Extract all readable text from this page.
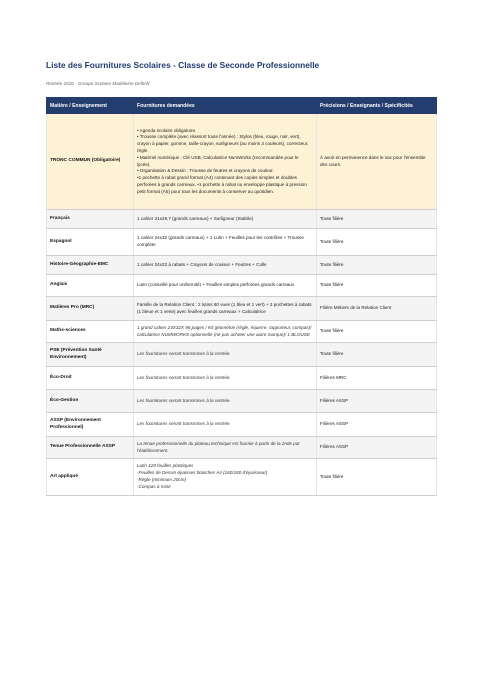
Liste des Fournitures Scolaires - Classe de Seconde Professionnelle
Rentrée 2026 - Groupe Scolaire Madeleine Delbrêl
Matière / Enseignement	Fournitures demandées	Précisions / Enseignants / Spécificités
TRONC COMMUN (Obligatoire)	• Agenda scolaire obligatoire.
• Trousse complète (avec réassort toute l'année) : Stylos (bleu, rouge, noir, vert), crayon à papier, gomme, taille-crayon, surligneurs (au moins 3 couleurs), correcteur, règle.
• Matériel numérique : Clé USB, Calculatrice NumWorks (recommandée pour le lycée).
• Organisation & Dessin : Trousse de feutres et crayons de couleur.
•1 pochette à rabat grand format (A4) contenant des copies simples et doubles perforées à grands carreaux. •1 pochette à rabat ou enveloppe plastique à pression petit format (A5) pour tous les documents à conserver au quotidien.	À avoir en permanence dans le sac pour l'ensemble des cours.
Français	1 cahier 21x29,7 (grands carreaux) + Surligneur (Stabilo)	Toute filière
Espagnol	1 cahier 24x32 (grands carreaux) + 1 Lutin + Feuilles pour les contrôles + Trousse complète	Toute filière
Histoire-Géographie-EMC	1 cahier 24x32 à rabats + Crayons de couleur + Feutres + Colle	Toute filière
Anglais	Lutin (conseillé pour uniformité) + Feuilles simples perforées grands carreaux	Toute filière
Matières Pro (MRC)	Famille de la Relation Client : 2 lutins 60 vues (1 bleu et 1 vert) + 2 pochettes à rabats (1 bleue et 1 verte) avec feuilles grands carreaux + Calculatrice	Filière Métiers de la Relation Client
Maths-sciences	1 grand cahier 24X32X 96 pages / Kit géométrie (règle, équerre, rapporteur, compas)/ calculatrice NUMWORKS optionnelle (ne pas acheter une autre marque)/ 1 BLOUSE	Toute filière
PSE (Prévention Santé Environnement)	Les fournitures seront transmises à la rentrée.	Toute filière
Éco-Droit	Les fournitures seront transmises à la rentrée.	Filières MRC
Éco-Gestion	Les fournitures seront transmises à la rentrée.	Filières ASSP
ASSP (Environnement Professionnel)	Les fournitures seront transmises à la rentrée.	Filières ASSP
Tenue Professionnelle ASSP	La tenue professionnelle du plateau technique est fournie à partir de la 2nde par l'établissement.	Filières ASSP
Art appliqué	Lutin 120 feuilles plastiques
-Feuilles de Dessin épaisses blanches A4 (160/180 d'épaisseur)
-Règle (minimum 20cm)
-Compas à mine	Toute filière
